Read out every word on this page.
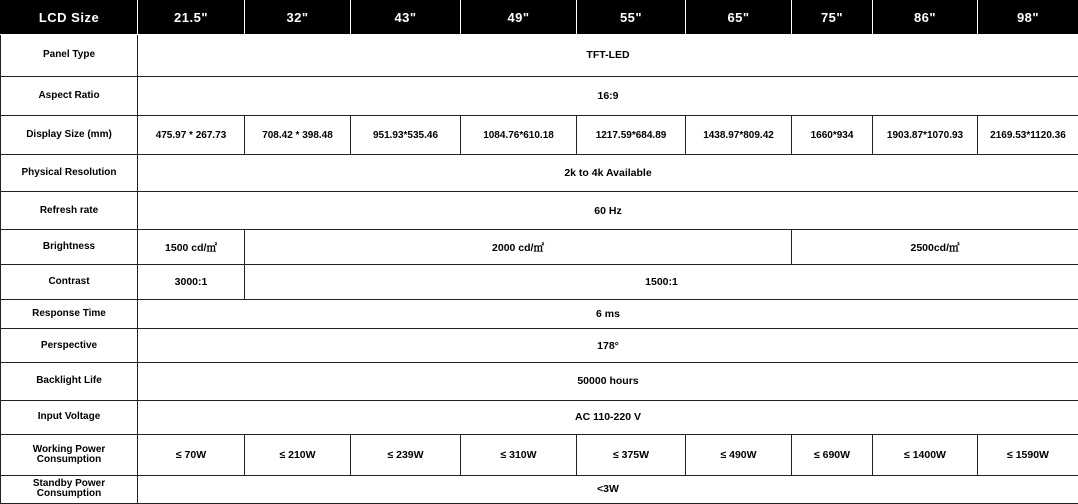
LCD Size	21.5"	32"	43"	49"	55"	65"	75"	86"	98"
Panel Type	TFT-LED								
Aspect Ratio	16:9								
Display Size (mm)	475.97 * 267.73	708.42 * 398.48	951.93*535.46	1084.76*610.18	1217.59*684.89	1438.97*809.42	1660*934	1903.87*1070.93	2169.53*1120.36
Physical Resolution	2k to 4k Available								
Refresh rate	60 Hz								
Brightness	1500 cd/㎡	2000 cd/㎡					2500cd/㎡		
Contrast	3000:1	1500:1							
Response Time	6 ms								
Perspective	178°								
Backlight Life	50000 hours								
Input Voltage	AC 110-220 V								
Working Power Consumption	≤ 70W	≤ 210W	≤ 239W	≤ 310W	≤ 375W	≤ 490W	≤ 690W	≤ 1400W	≤ 1590W
Standby Power Consumption	<3W								
